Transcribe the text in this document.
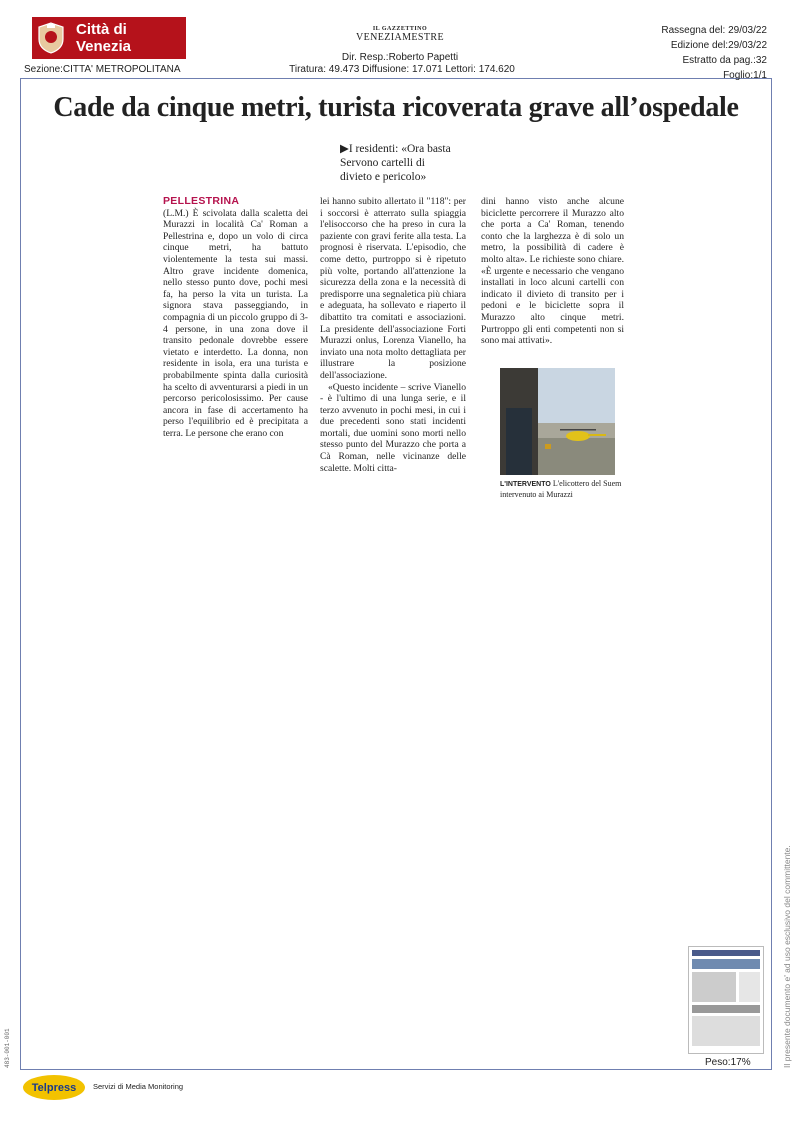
Città di Venezia
Sezione:CITTA' METROPOLITANA
IL GAZZETTINO
VENEZIAMESTRE
Dir. Resp.:Roberto Papetti
Tiratura: 49.473 Diffusione: 17.071 Lettori: 174.620
Rassegna del: 29/03/22
Edizione del:29/03/22
Estratto da pag.:32
Foglio:1/1
Cade da cinque metri, turista ricoverata grave all’ospedale
▶I residenti: «Ora basta
Servono cartelli di
divieto e pericolo»
PELLESTRINA

(L.M.) È scivolata dalla scaletta dei Murazzi in località Ca' Roman a Pellestrina e, dopo un volo di circa cinque metri, ha battuto violentemente la testa sui massi. Altro grave incidente domenica, nello stesso punto dove, pochi mesi fa, ha perso la vita un turista. La signora stava passeggiando, in compagnia di un piccolo gruppo di 3-4 persone, in una zona dove il transito pedonale dovrebbe essere vietato e interdetto. La donna, non residente in isola, era una turista e probabilmente spinta dalla curiosità ha scelto di avventurarsi a piedi in un percorso pericolosissimo. Per cause ancora in fase di accertamento ha perso l'equilibrio ed è precipitata a terra. Le persone che erano con

lei hanno subito allertato il "118": per i soccorsi è atterrato sulla spiaggia l'elisoccorso che ha preso in cura la paziente con gravi ferite alla testa. La prognosi è riservata. L'episodio, che come detto, purtroppo si è ripetuto più volte, portando all'attenzione la sicurezza della zona e la necessità di predisporre una segnaletica più chiara e adeguata, ha sollevato e riaperto il dibattito tra comitati e associazioni. La presidente dell'associazione Forti Murazzi onlus, Lorenza Vianello, ha inviato una nota molto dettagliata per illustrare la posizione dell'associazione.

«Questo incidente – scrive Vianello - è l'ultimo di una lunga serie, e il terzo avvenuto in pochi mesi, in cui i due precedenti sono stati incidenti mortali, due uomini sono morti nello stesso punto del Murazzo che porta a Cà Roman, nelle vicinanze delle scalette. Molti citta-

dini hanno visto anche alcune biciclette percorrere il Murazzo alto che porta a Ca' Roman, tenendo conto che la larghezza è di solo un metro, la possibilità di cadere è molto alta». Le richieste sono chiare. «È urgente e necessario che vengano installati in loco alcuni cartelli con indicato il divieto di transito per i pedoni e le biciclette sopra il Murazzo alto cinque metri. Purtroppo gli enti competenti non si sono mai attivati».

L'INTERVENTO L'elicottero del Suem intervenuto ai Murazzi
Peso:17%	Il presente documento e' ad uso esclusivo del committente.
483-001-001
Telpress Servizi di Media Monitoring
